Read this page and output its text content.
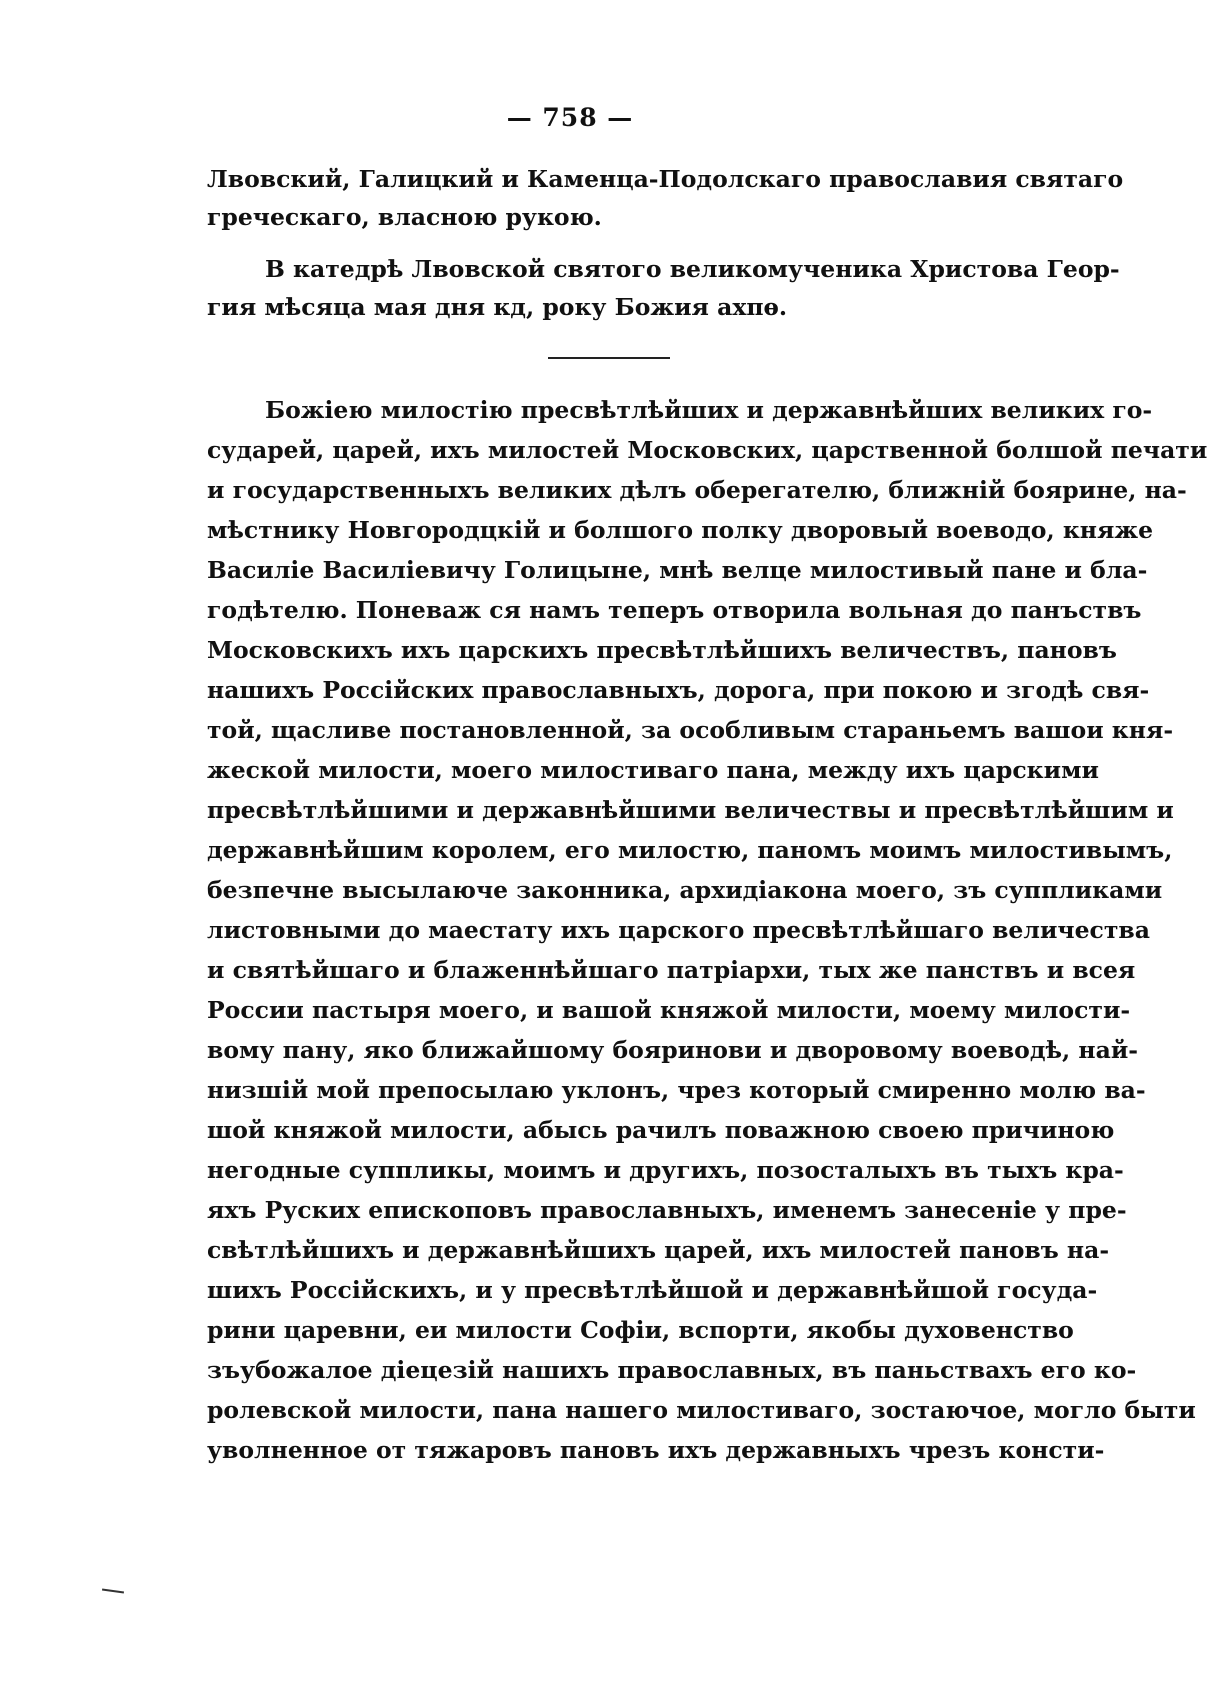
— 758 —
Лвовский, Галицкий и Каменца-Подолскаго православия святаго
греческаго, власною рукою.
В катедрѣ Лвовской святого великомученика Христова Геор-
гия мѣсяца мая дня кд, року Божия ахпѳ.
Божiею милостiю пресвѣтлѣйших и державнѣйших великих го-
сударей, царей, ихъ милостей Московских, царственной болшой печати
и государственныхъ великих дѣлъ оберегателю, ближнiй боярине, на-
мѣстнику Новгородцкiй и болшого полку дворовый воеводо, княже
Василiе Василiевичу Голицыне, мнѣ велце милостивый пане и бла-
годѣтелю. Поневаж ся намъ теперъ отворила вольная до панъствъ
Московскихъ ихъ царскихъ пресвѣтлѣйшихъ величествъ, пановъ
нашихъ Россiйских православныхъ, дорога, при покою и згодѣ свя-
той, щасливе постановленной, за особливым стараньемъ вашои кня-
жеской милости, моего милостиваго пана, между ихъ царскими
пресвѣтлѣйшими и державнѣйшими величествы и пресвѣтлѣйшим и
державнѣйшим королем, его милостю, паномъ моимъ милостивымъ,
безпечне высылаюче законника, архидiакона моего, зъ суппликами
листовными до маестату ихъ царского пресвѣтлѣйшаго величества
и святѣйшаго и блаженнѣйшаго патрiархи, тых же панствъ и всея
России пастыря моего, и вашой княжой милости, моему милости-
вому пану, яко ближайшому бояринови и дворовому воеводѣ, най-
низшiй мой препосылаю уклонъ, чрез который смиренно молю ва-
шой княжой милости, абысь рачилъ поважною своею причиною
негодные суппликы, моимъ и другихъ, позосталыхъ въ тыхъ кра-
яхъ Руских епископовъ православныхъ, именемъ занесенiе у пре-
свѣтлѣйшихъ и державнѣйшихъ царей, ихъ милостей пановъ на-
шихъ Россiйскихъ, и у пресвѣтлѣйшой и державнѣйшой госуда-
рини царевни, еи милости Софiи, вспорти, якобы духовенство
зъубожалое дiецезiй нашихъ православных, въ паньствахъ его ко-
ролевской милости, пана нашего милостиваго, зостаючое, могло быти
уволненное от тяжаровъ пановъ ихъ державныхъ чрезъ консти-
